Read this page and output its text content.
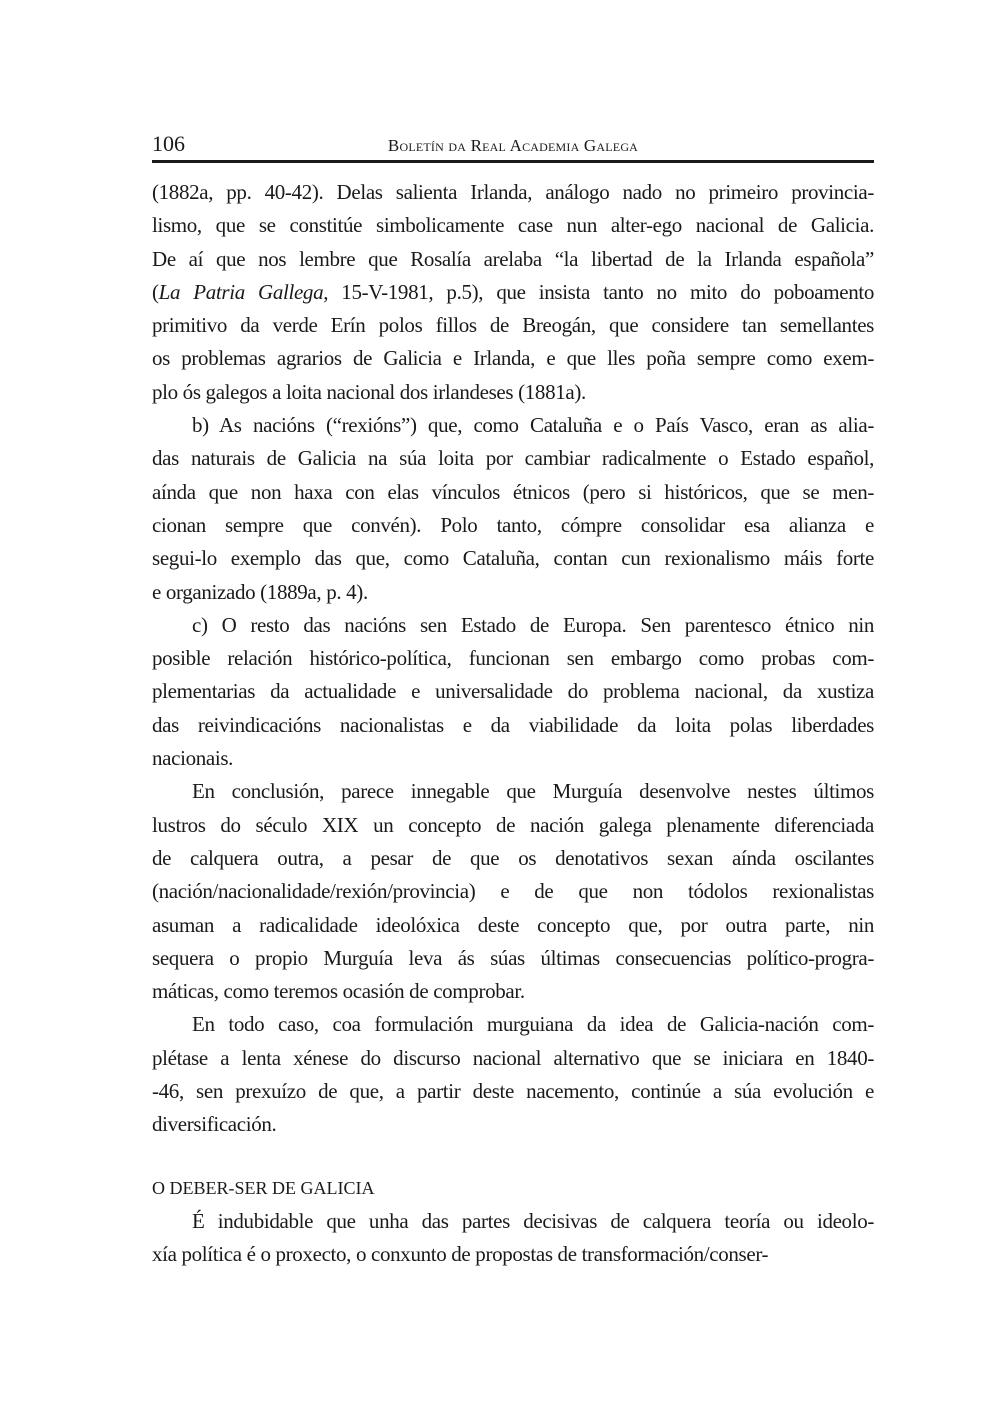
106	Boletín da Real Academia Galega
(1882a, pp. 40-42). Delas salienta Irlanda, análogo nado no primeiro provincia-
lismo, que se constitúe simbolicamente case nun alter-ego nacional de Galicia.
De aí que nos lembre que Rosalía arelaba “la libertad de la Irlanda española”
(La Patria Gallega, 15-V-1981, p.5), que insista tanto no mito do poboamento
primitivo da verde Erín polos fillos de Breogán, que considere tan semellantes
os problemas agrarios de Galicia e Irlanda, e que lles poña sempre como exem-
plo ós galegos a loita nacional dos irlandeses (1881a).
b) As nacións (“rexións”) que, como Cataluña e o País Vasco, eran as alia-
das naturais de Galicia na súa loita por cambiar radicalmente o Estado español,
aínda que non haxa con elas vínculos étnicos (pero si históricos, que se men-
cionan sempre que convén). Polo tanto, cómpre consolidar esa alianza e
segui-lo exemplo das que, como Cataluña, contan cun rexionalismo máis forte
e organizado (1889a, p. 4).
c) O resto das nacións sen Estado de Europa. Sen parentesco étnico nin
posible relación histórico-política, funcionan sen embargo como probas com-
plementarias da actualidade e universalidade do problema nacional, da xustiza
das reivindicacións nacionalistas e da viabilidade da loita polas liberdades
nacionais.
En conclusión, parece innegable que Murguía desenvolve nestes últimos
lustros do século XIX un concepto de nación galega plenamente diferenciada
de calquera outra, a pesar de que os denotativos sexan aínda oscilantes
(nación/nacionalidade/rexión/provincia) e de que non tódolos rexionalistas
asuman a radicalidade ideolóxica deste concepto que, por outra parte, nin
sequera o propio Murguía leva ás súas últimas consecuencias político-progra-
máticas, como teremos ocasión de comprobar.
En todo caso, coa formulación murguiana da idea de Galicia-nación com-
plétase a lenta xénese do discurso nacional alternativo que se iniciara en 1840-
-46, sen prexuízo de que, a partir deste nacemento, continúe a súa evolución e
diversificación.
O DEBER-SER DE GALICIA
É indubidable que unha das partes decisivas de calquera teoría ou ideolo-
xía política é o proxecto, o conxunto de propostas de transformación/conser-
